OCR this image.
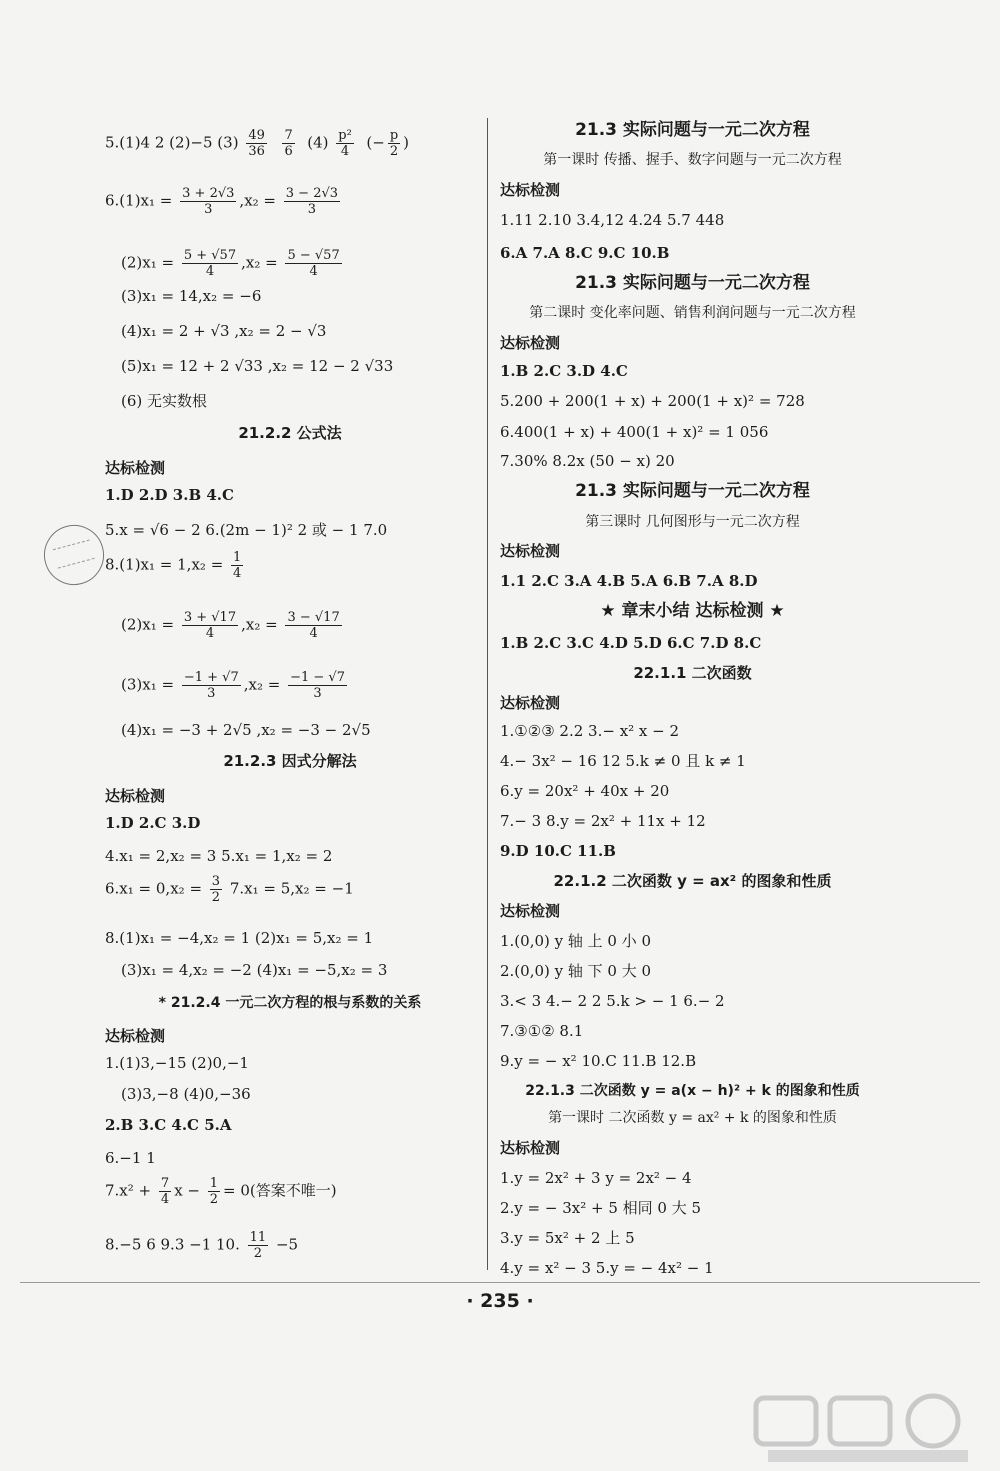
5.(1)4 2 (2)−5 $(3) \frac{49}{36}$
$\frac{7}{6} (4) \frac{\text{p²}}{4}$ (− $\frac{p}{2}$ )
$6.(1)x_1 = \frac{3 + 2√3}{3} ,x_2 = \frac{3 - 2√3}{3}$
$(2)x_1 = \frac{5 + √57}{4} ,x_2 = \frac{5 - √57}{4}$
(3)x₁ = 14,x₂ = −6
(4)x₁ = 2 + √3 ,x₂ = 2 − √3
(5)x₁ = 12 + 2 √33 ,x₂ = 12 − 2 √33
(6) 无实数根
21.2.2 公式法
达标检测
1.D 2.D 3.B 4.C
5.x = √6 − 2 6.(2m − 1)² 2 或 − 1 7.0
$8.(1)x_1 = 1,x_2 = \frac{1}{4}$
$(2)x_1 = \frac{3 + √17}{4} ,x_2 = \frac{3 - √17}{4}$
$(3)x_1 = \frac{-1 + √7}{3} ,x_2 = \frac{-1 - √7}{3}$
(4)x₁ = −3 + 2√5 ,x₂ = −3 − 2√5
21.2.3 因式分解法
达标检测
1.D 2.C 3.D
4.x₁ = 2,x₂ = 3 5.x₁ = 1,x₂ = 2
$6.x_1 = 0,x_2 = \frac{3}{2} 7.x_1 = 5,x_2 = -1$
8.(1)x₁ = −4,x₂ = 1 (2)x₁ = 5,x₂ = 1
(3)x₁ = 4,x₂ = −2 (4)x₁ = −5,x₂ = 3
* 21.2.4 一元二次方程的根与系数的关系
达标检测
1.(1)3,−15 (2)0,−1
(3)3,−8 (4)0,−36
2.B 3.C 4.C 5.A
6.−1 1
$7.x^2 + \frac{7}{4}$ $x - \frac{1}{2} = 0$(答案不唯一)
8.−5 6 9.3 −1 10. $\frac{11}{2} -5$
21.3 实际问题与一元二次方程
第一课时 传播、握手、数字问题与一元二次方程
达标检测
1.11 2.10 3.4,12 4.24 5.7 448
6.A 7.A 8.C 9.C 10.B
21.3 实际问题与一元二次方程
第二课时 变化率问题、销售利润问题与一元二次方程
达标检测
1.B 2.C 3.D 4.C
5.200 + 200(1 + x) + 200(1 + x)² = 728
6.400(1 + x) + 400(1 + x)² = 1 056
7.30% 8.2x (50 − x) 20
21.3 实际问题与一元二次方程
第三课时 几何图形与一元二次方程
达标检测
1.1 2.C 3.A 4.B 5.A 6.B 7.A 8.D
★ 章末小结 达标检测 ★
1.B 2.C 3.C 4.D 5.D 6.C 7.D 8.C
22.1.1 二次函数
达标检测
1.①②③ 2.2 3.− x² x − 2
4.− 3x² − 16 12 5.k ≠ 0 且 k ≠ 1
6.y = 20x² + 40x + 20
7.− 3 8.y = 2x² + 11x + 12
9.D 10.C 11.B
22.1.2 二次函数 y = ax² 的图象和性质
达标检测
1.(0,0) y 轴 上 0 小 0
2.(0,0) y 轴 下 0 大 0
3.< 3 4.− 2 2 5.k > − 1 6.− 2
7.③①② 8.1
9.y = − x² 10.C 11.B 12.B
22.1.3 二次函数 y = a(x − h)² + k 的图象和性质
第一课时 二次函数 y = ax² + k 的图象和性质
达标检测
1.y = 2x² + 3 y = 2x² − 4
2.y = − 3x² + 5 相同 0 大 5
3.y = 5x² + 2 上 5
4.y = x² − 3 5.y = − 4x² − 1
· 235 ·
